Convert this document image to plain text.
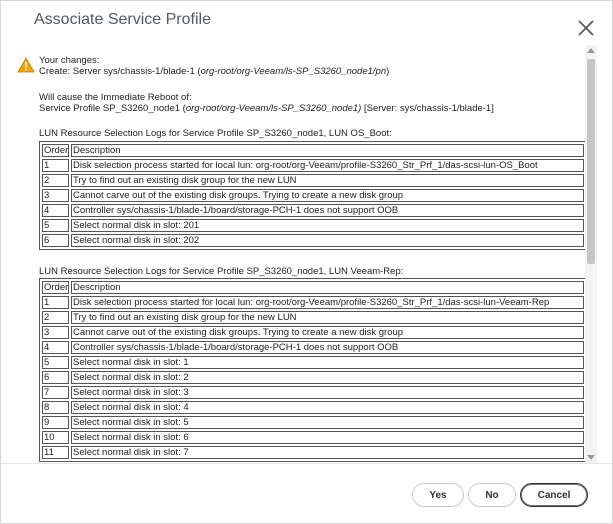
Associate Service Profile
Your changes:
Create: Server sys/chassis-1/blade-1 (org-root/org-Veeam/ls-SP_S3260_node1/pn)
Will cause the Immediate Reboot of:
Service Profile SP_S3260_node1 (org-root/org-Veeam/ls-SP_S3260_node1) [Server: sys/chassis-1/blade-1]
LUN Resource Selection Logs for Service Profile SP_S3260_node1, LUN OS_Boot:
Order	Description
1	Disk selection process started for local lun: org-root/org-Veeam/profile-S3260_Str_Prf_1/das-scsi-lun-OS_Boot
2	Try to find out an existing disk group for the new LUN
3	Cannot carve out of the existing disk groups. Trying to create a new disk group
4	Controller sys/chassis-1/blade-1/board/storage-PCH-1 does not support OOB
5	Select normal disk in slot: 201
6	Select normal disk in slot: 202
LUN Resource Selection Logs for Service Profile SP_S3260_node1, LUN Veeam-Rep:
Order	Description
1	Disk selection process started for local lun: org-root/org-Veeam/profile-S3260_Str_Prf_1/das-scsi-lun-Veeam-Rep
2	Try to find out an existing disk group for the new LUN
3	Cannot carve out of the existing disk groups. Trying to create a new disk group
4	Controller sys/chassis-1/blade-1/board/storage-PCH-1 does not support OOB
5	Select normal disk in slot: 1
6	Select normal disk in slot: 2
7	Select normal disk in slot: 3
8	Select normal disk in slot: 4
9	Select normal disk in slot: 5
10	Select normal disk in slot: 6
11	Select normal disk in slot: 7
Yes	No	Cancel
